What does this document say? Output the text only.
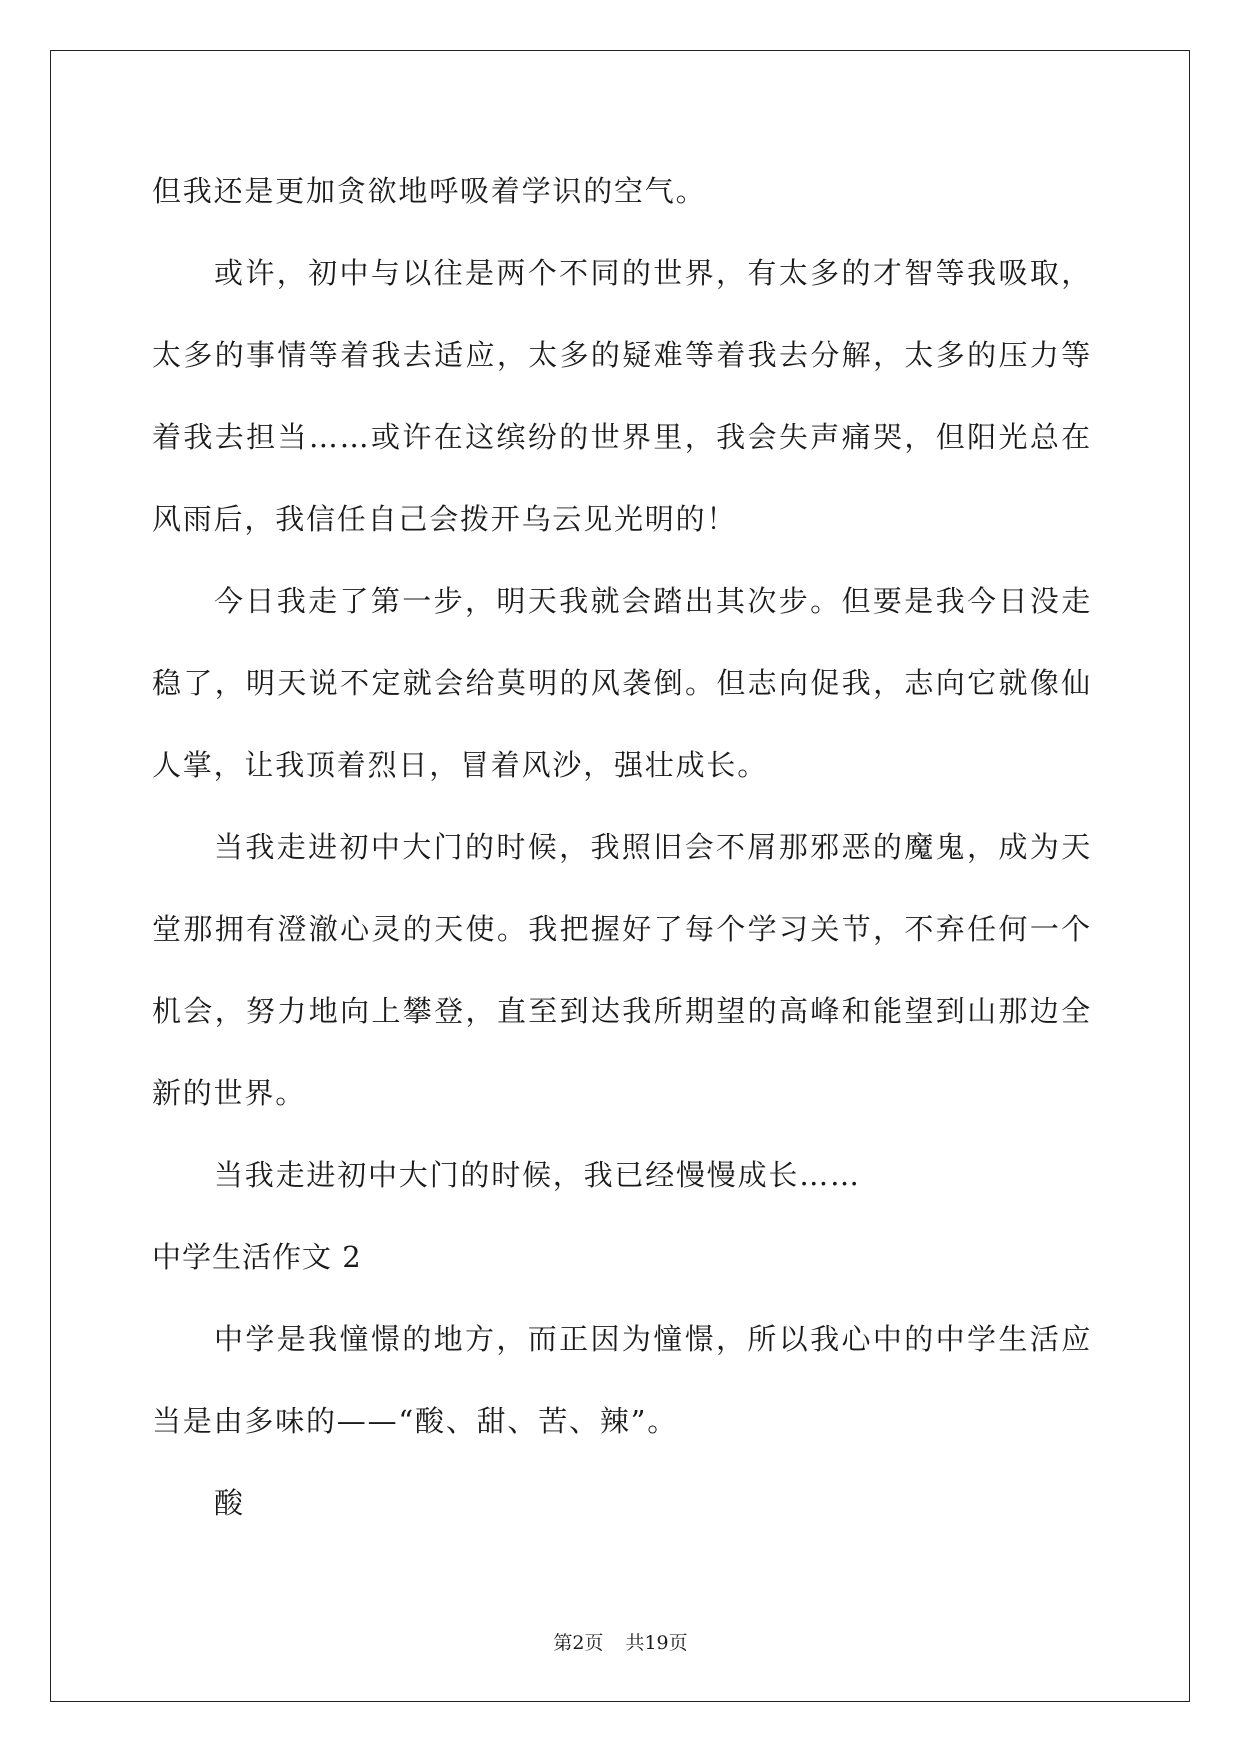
但我还是更加贪欲地呼吸着学识的空气。

或许，初中与以往是两个不同的世界，有太多的才智等我吸取，

太多的事情等着我去适应，太多的疑难等着我去分解，太多的压力等

着我去担当……或许在这缤纷的世界里，我会失声痛哭，但阳光总在

风雨后，我信任自己会拨开乌云见光明的！

今日我走了第一步，明天我就会踏出其次步。但要是我今日没走

稳了，明天说不定就会给莫明的风袭倒。但志向促我，志向它就像仙

人掌，让我顶着烈日，冒着风沙，强壮成长。

当我走进初中大门的时候，我照旧会不屑那邪恶的魔鬼，成为天

堂那拥有澄澈心灵的天使。我把握好了每个学习关节，不弃任何一个

机会，努力地向上攀登，直至到达我所期望的高峰和能望到山那边全

新的世界。

当我走进初中大门的时候，我已经慢慢成长……

中学生活作文 2

中学是我憧憬的地方，而正因为憧憬，所以我心中的中学生活应

当是由多味的——“酸、甜、苦、辣”。

酸

第2页 共19页
